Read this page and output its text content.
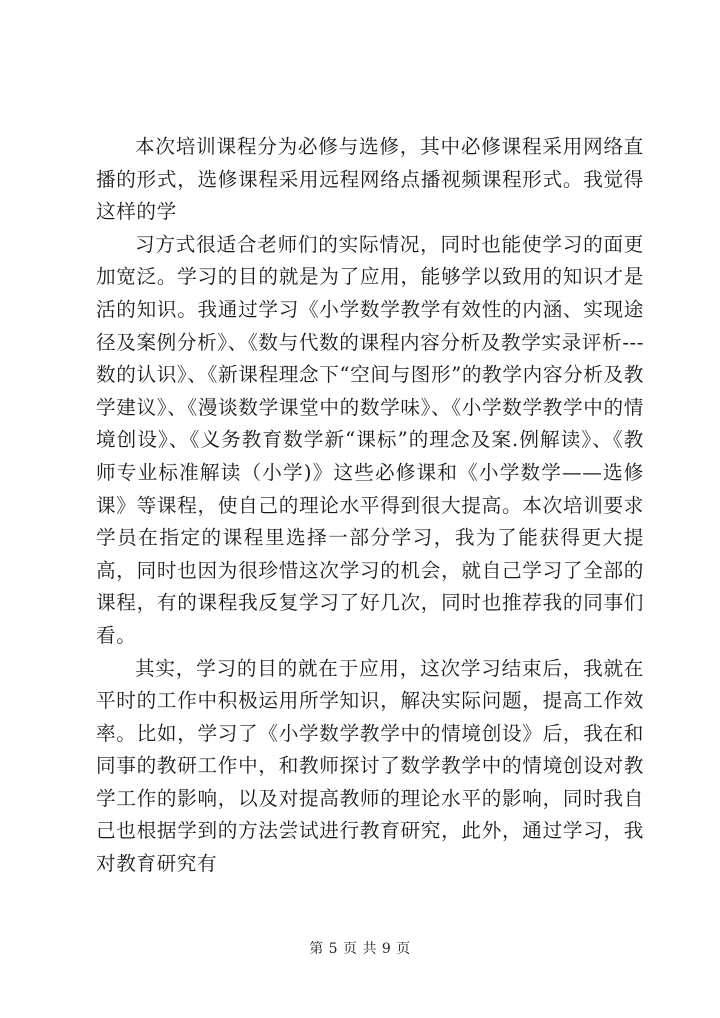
本次培训课程分为必修与选修，其中必修课程采用网络直播的形式，选修课程采用远程网络点播视频课程形式。我觉得这样的学

习方式很适合老师们的实际情况，同时也能使学习的面更加宽泛。学习的目的就是为了应用，能够学以致用的知识才是活的知识。我通过学习《小学数学教学有效性的内涵、实现途径及案例分析》、《数与代数的课程内容分析及教学实录评析---数的认识》、《新课程理念下“空间与图形”的教学内容分析及教学建议》、《漫谈数学课堂中的数学味》、《小学数学教学中的情境创设》、《义务教育数学新“课标”的理念及案.例解读》、《教师专业标准解读（小学)》这些必修课和《小学数学——选修课》等课程，使自己的理论水平得到很大提高。本次培训要求学员在指定的课程里选择一部分学习，我为了能获得更大提高，同时也因为很珍惜这次学习的机会，就自己学习了全部的课程，有的课程我反复学习了好几次，同时也推荐我的同事们看。

其实，学习的目的就在于应用，这次学习结束后，我就在平时的工作中积极运用所学知识，解决实际问题，提高工作效率。比如，学习了《小学数学教学中的情境创设》后，我在和同事的教研工作中，和教师探讨了数学教学中的情境创设对教学工作的影响，以及对提高教师的理论水平的影响，同时我自己也根据学到的方法尝试进行教育研究，此外，通过学习，我对教育研究有

第 5 页 共 9 页
